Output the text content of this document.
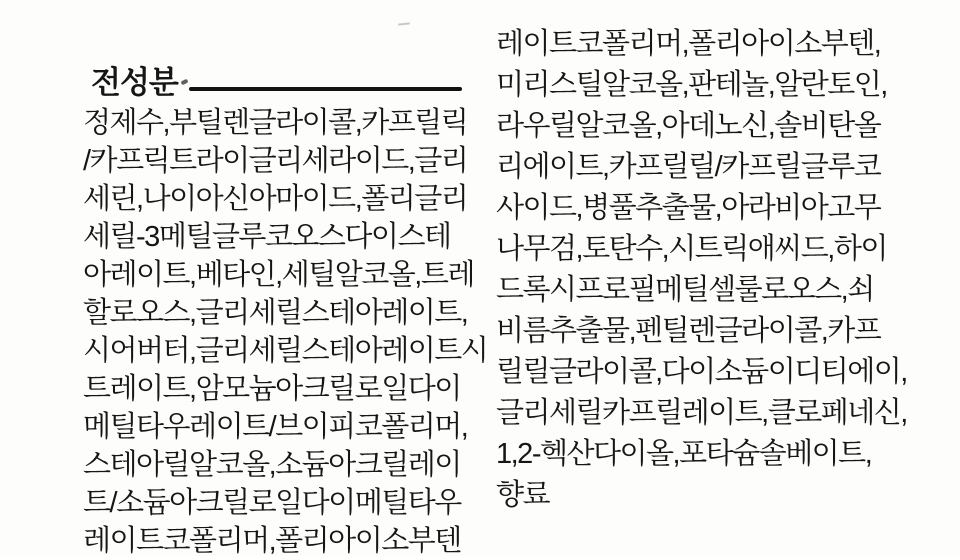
전성분
정제수,부틸렌글라이콜,카프릴릭
/카프릭트라이글리세라이드,글리
세린,나이아신아마이드,폴리글리
세릴-3메틸글루코오스다이스테
아레이트,베타인,세틸알코올,트레
할로오스,글리세릴스테아레이트,
시어버터,글리세릴스테아레이트시
트레이트,암모늄아크릴로일다이
메틸타우레이트/브이피코폴리머,
스테아릴알코올,소듐아크릴레이
트/소듐아크릴로일다이메틸타우
레이트코폴리머,폴리아이소부텐
레이트코폴리머,폴리아이소부텐,
미리스틸알코올,판테놀,알란토인,
라우릴알코올,아데노신,솔비탄올
리에이트,카프릴릴/카프릴글루코
사이드,병풀추출물,아라비아고무
나무검,토탄수,시트릭애씨드,하이
드록시프로필메틸셀룰로오스,쇠
비름추출물,펜틸렌글라이콜,카프
릴릴글라이콜,다이소듐이디티에이,
글리세릴카프릴레이트,클로페네신,
1,2-헥산다이올,포타슘솔베이트,
향료
